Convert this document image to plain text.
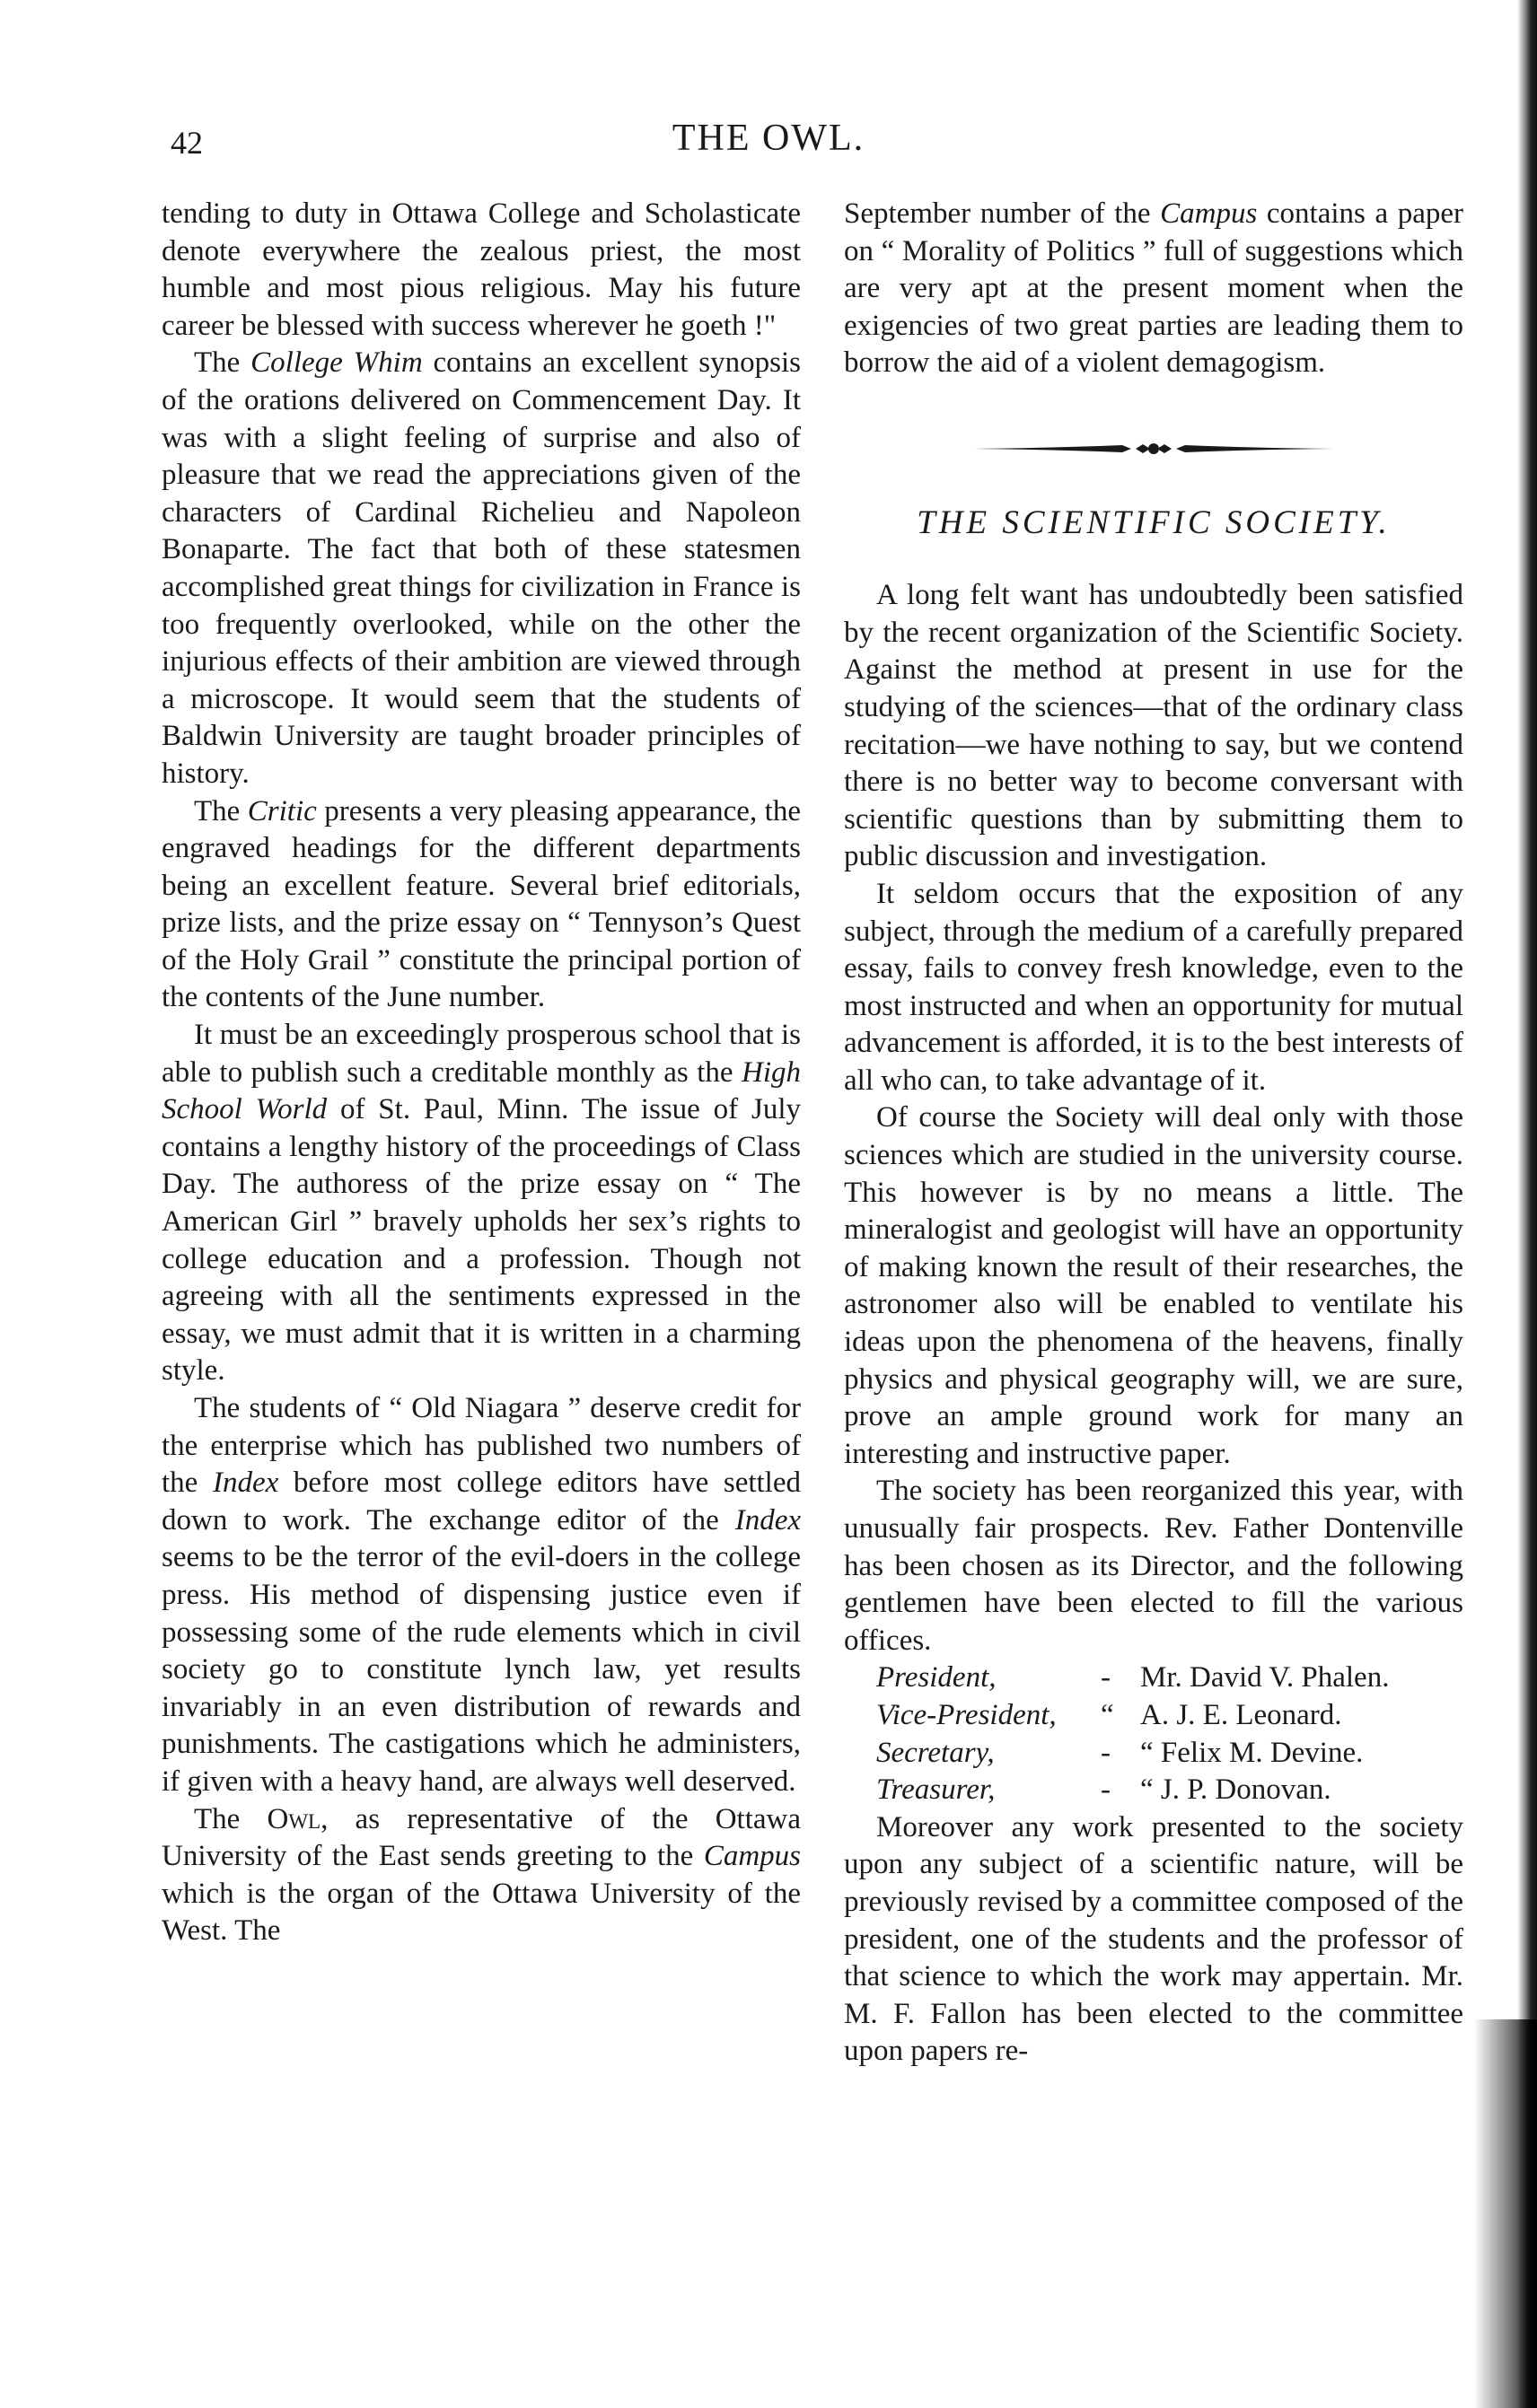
42	THE OWL.

tending to duty in Ottawa College and Scholasticate denote everywhere the zealous priest, the most humble and most pious religious. May his future career be blessed with success wherever he goeth !"

The College Whim contains an excellent synopsis of the orations delivered on Commencement Day. It was with a slight feeling of surprise and also of pleasure that we read the appreciations given of the characters of Cardinal Richelieu and Napoleon Bonaparte. The fact that both of these statesmen accomplished great things for civilization in France is too frequently overlooked, while on the other the injurious effects of their ambition are viewed through a microscope. It would seem that the students of Baldwin University are taught broader principles of history.

The Critic presents a very pleasing appearance, the engraved headings for the different departments being an excellent feature. Several brief editorials, prize lists, and the prize essay on “ Tennyson’s Quest of the Holy Grail ” constitute the principal portion of the contents of the June number.

It must be an exceedingly prosperous school that is able to publish such a creditable monthly as the High School World of St. Paul, Minn. The issue of July contains a lengthy history of the proceedings of Class Day. The authoress of the prize essay on “ The American Girl ” bravely upholds her sex’s rights to college education and a profession. Though not agreeing with all the sentiments expressed in the essay, we must admit that it is written in a charming style.

The students of “ Old Niagara ” deserve credit for the enterprise which has published two numbers of the Index before most college editors have settled down to work. The exchange editor of the Index seems to be the terror of the evil-doers in the college press. His method of dispensing justice even if possessing some of the rude elements which in civil society go to constitute lynch law, yet results invariably in an even distribution of rewards and punishments. The castigations which he administers, if given with a heavy hand, are always well deserved.

The Owl, as representative of the Ottawa University of the East sends greeting to the Campus which is the organ of the Ottawa University of the West. The

September number of the Campus contains a paper on “ Morality of Politics ” full of suggestions which are very apt at the present moment when the exigencies of two great parties are leading them to borrow the aid of a violent demagogism.

THE SCIENTIFIC SOCIETY.

A long felt want has undoubtedly been satisfied by the recent organization of the Scientific Society. Against the method at present in use for the studying of the sciences—that of the ordinary class recitation—we have nothing to say, but we contend there is no better way to become conversant with scientific questions than by submitting them to public discussion and investigation.

It seldom occurs that the exposition of any subject, through the medium of a carefully prepared essay, fails to convey fresh knowledge, even to the most instructed and when an opportunity for mutual advancement is afforded, it is to the best interests of all who can, to take advantage of it.

Of course the Society will deal only with those sciences which are studied in the university course. This however is by no means a little. The mineralogist and geologist will have an opportunity of making known the result of their researches, the astronomer also will be enabled to ventilate his ideas upon the phenomena of the heavens, finally physics and physical geography will, we are sure, prove an ample ground work for many an interesting and instructive paper.

The society has been reorganized this year, with unusually fair prospects. Rev. Father Dontenville has been chosen as its Director, and the following gentlemen have been elected to fill the various offices.

President,	-	Mr. David V. Phalen.
Vice-President,	“ A. J. E. Leonard.
Secretary,	-	“ Felix M. Devine.
Treasurer,	-	“ J. P. Donovan.

Moreover any work presented to the society upon any subject of a scientific nature, will be previously revised by a committee composed of the president, one of the students and the professor of that science to which the work may appertain. Mr. M. F. Fallon has been elected to the committee upon papers re-
